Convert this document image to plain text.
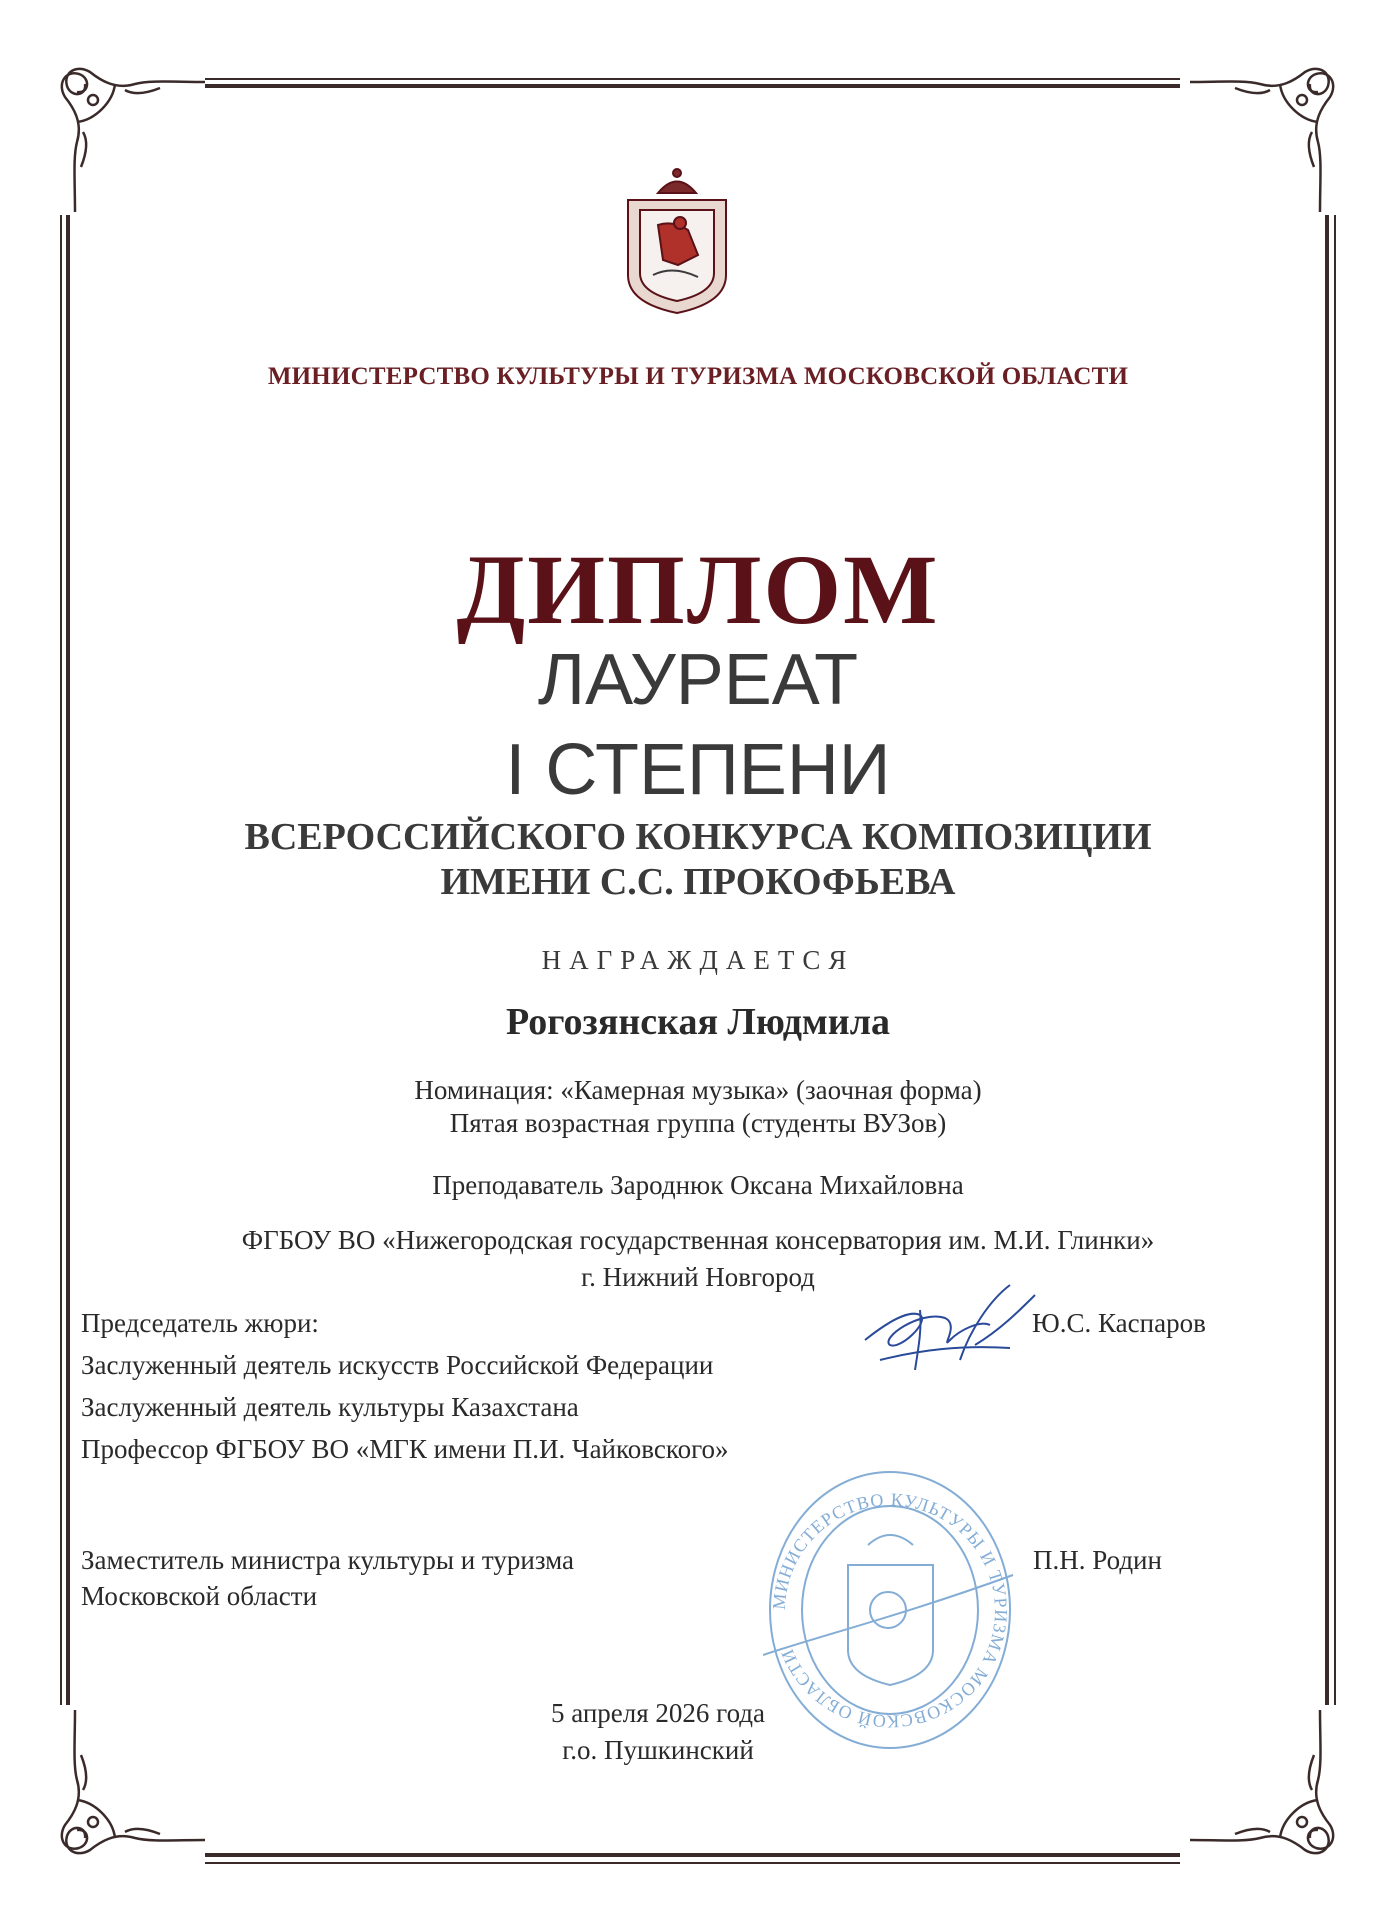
МИНИСТЕРСТВО КУЛЬТУРЫ И ТУРИЗМА МОСКОВСКОЙ ОБЛАСТИ
ДИПЛОМ
ЛАУРЕАТ
I СТЕПЕНИ
ВСЕРОССИЙСКОГО КОНКУРСА КОМПОЗИЦИИ
ИМЕНИ С.С. ПРОКОФЬЕВА
НАГРАЖДАЕТСЯ
Рогозянская Людмила
Номинация: «Камерная музыка» (заочная форма)
Пятая возрастная группа (студенты ВУЗов)
Преподаватель Зароднюк Оксана Михайловна
ФГБОУ ВО «Нижегородская государственная консерватория им. М.И. Глинки»
г. Нижний Новгород
Председатель жюри:
Заслуженный деятель искусств Российской Федерации
Заслуженный деятель культуры Казахстана
Профессор ФГБОУ ВО «МГК имени П.И. Чайковского»
Ю.С. Каспаров
Заместитель министра культуры и туризма
Московской области
П.Н. Родин
МИНИСТЕРСТВО КУЛЬТУРЫ И ТУРИЗМА МОСКОВСКОЙ ОБЛАСТИ
5 апреля 2026 года
г.о. Пушкинский
